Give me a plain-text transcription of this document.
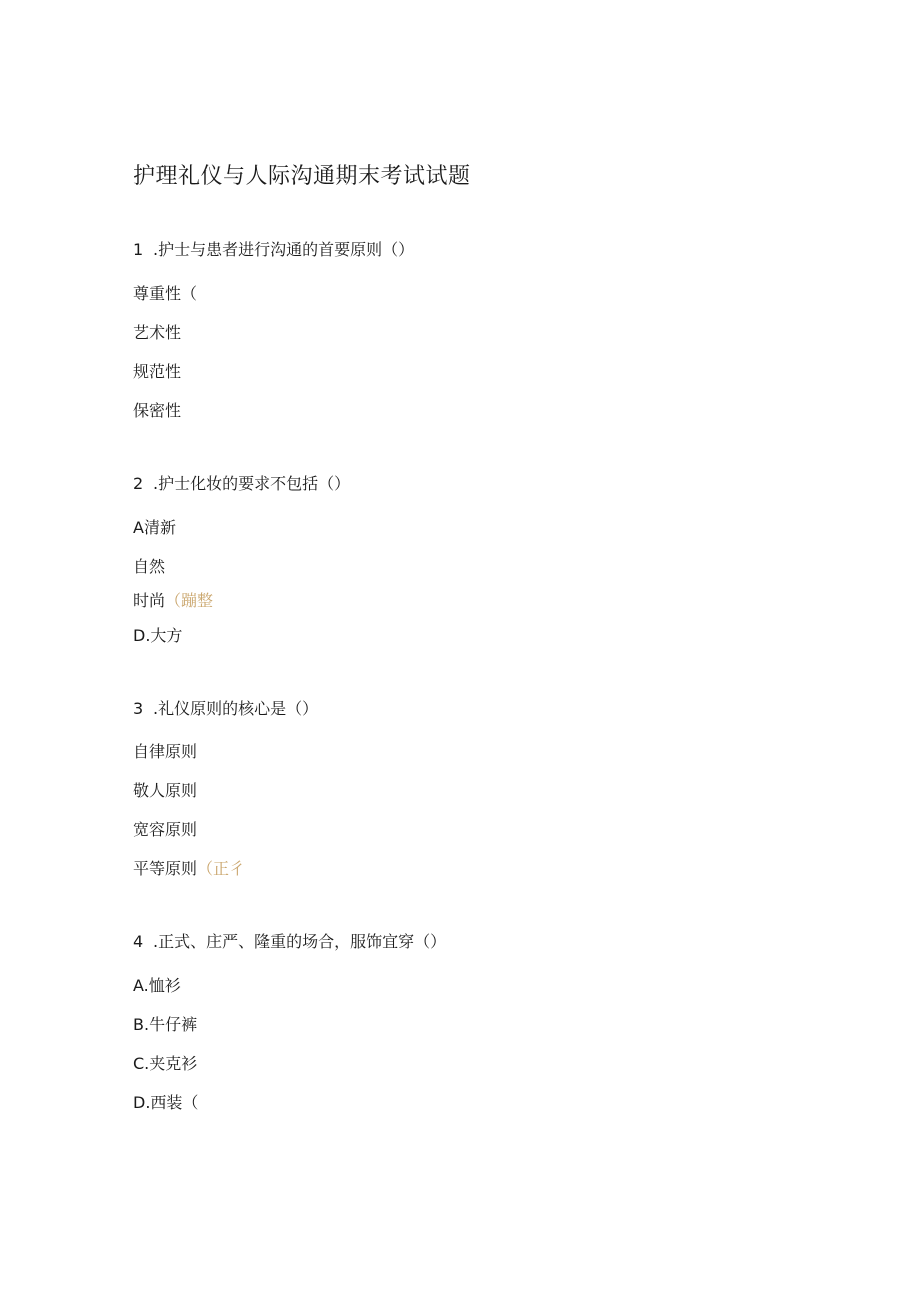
护理礼仪与人际沟通期末考试试题
1 .护士与患者进行沟通的首要原则（）
尊重性（
艺术性
规范性
保密性
2 .护士化妆的要求不包括（）
A清新
自然
时尚（蹦整
D.大方
3 .礼仪原则的核心是（）
自律原则
敬人原则
宽容原则
平等原则（正彳
4 .正式、庄严、隆重的场合，服饰宜穿（）
A.恤衫
B.牛仔裤
C.夹克衫
D.西装（
